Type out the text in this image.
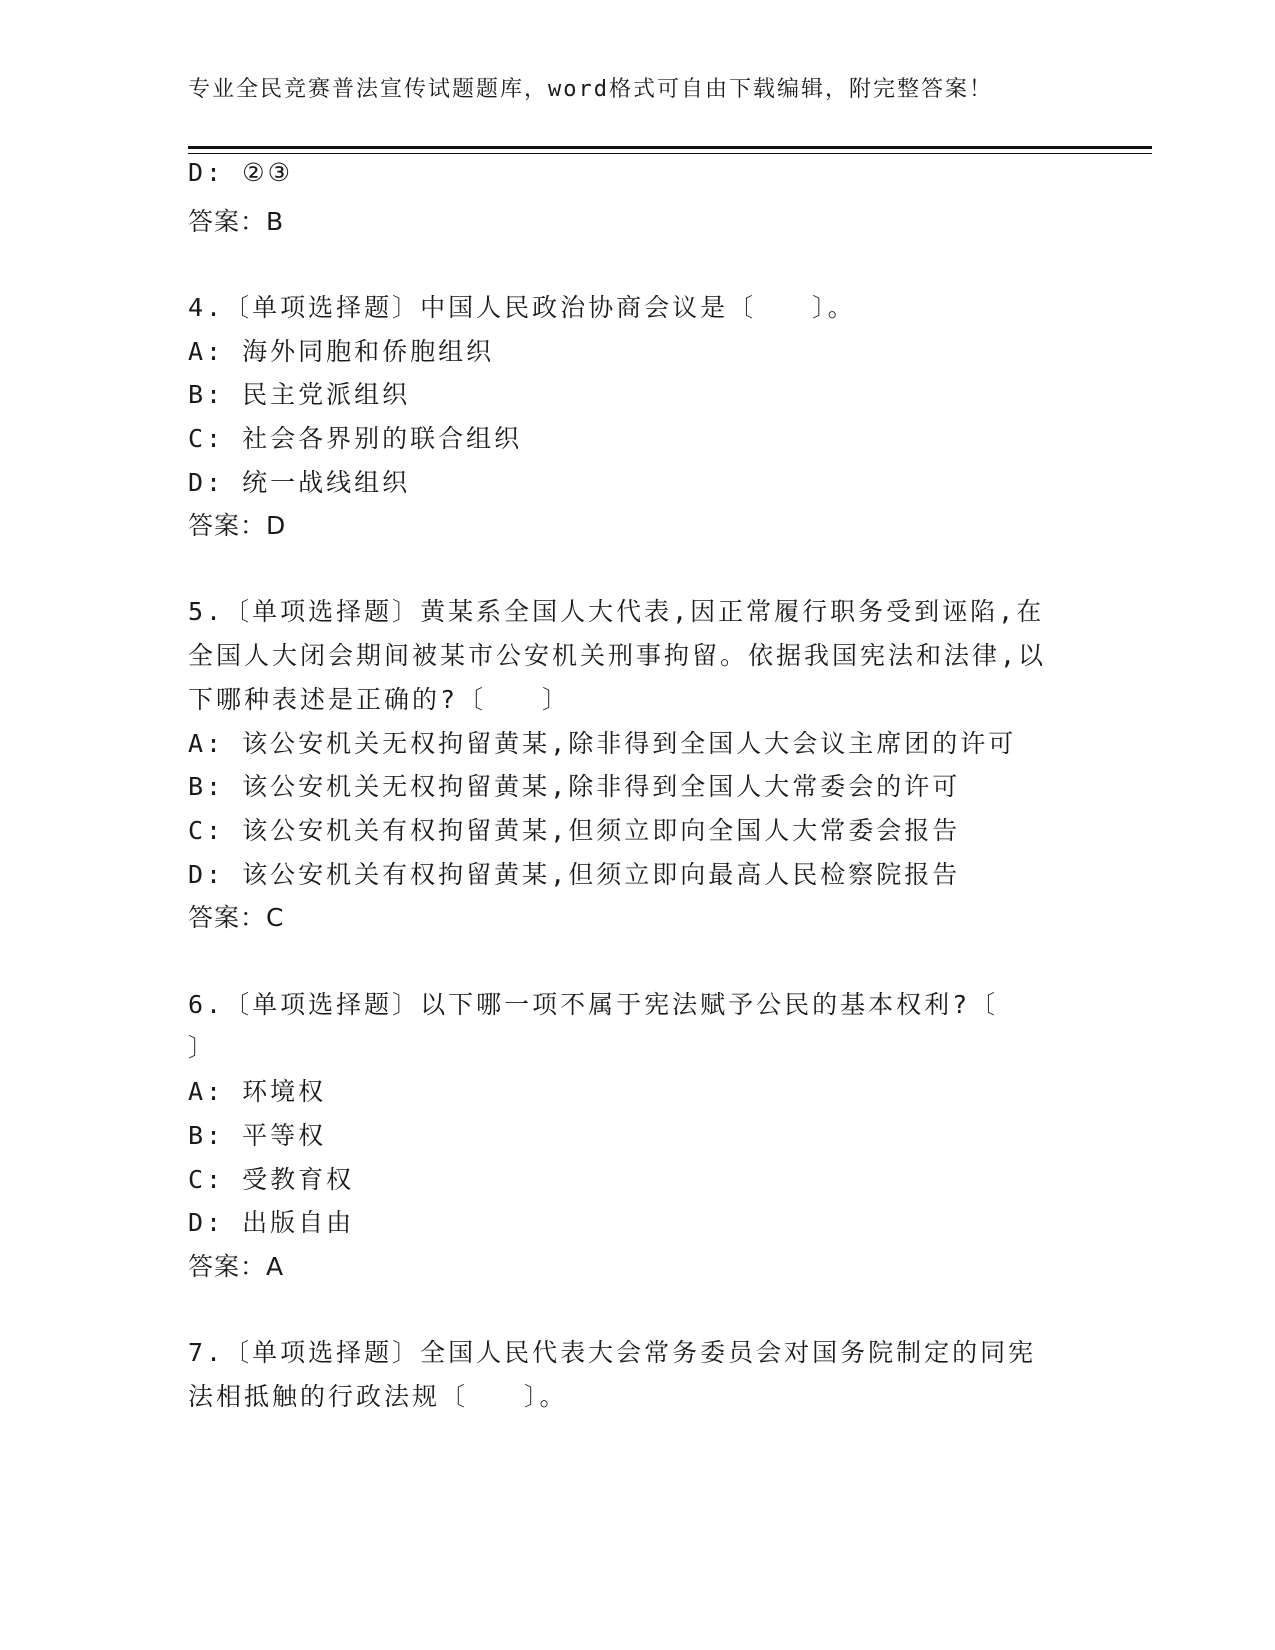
专业全民竞赛普法宣传试题题库，word格式可自由下载编辑，附完整答案！
D: ②③
答案：B
4.〔单项选择题〕中国人民政治协商会议是〔　　〕。
A: 海外同胞和侨胞组织
B: 民主党派组织
C: 社会各界别的联合组织
D: 统一战线组织
答案：D
5.〔单项选择题〕黄某系全国人大代表,因正常履行职务受到诬陷,在
全国人大闭会期间被某市公安机关刑事拘留。依据我国宪法和法律,以
下哪种表述是正确的?〔　　〕
A: 该公安机关无权拘留黄某,除非得到全国人大会议主席团的许可
B: 该公安机关无权拘留黄某,除非得到全国人大常委会的许可
C: 该公安机关有权拘留黄某,但须立即向全国人大常委会报告
D: 该公安机关有权拘留黄某,但须立即向最高人民检察院报告
答案：C
6.〔单项选择题〕以下哪一项不属于宪法赋予公民的基本权利?〔
〕
A: 环境权
B: 平等权
C: 受教育权
D: 出版自由
答案：A
7.〔单项选择题〕全国人民代表大会常务委员会对国务院制定的同宪
法相抵触的行政法规〔　　〕。
